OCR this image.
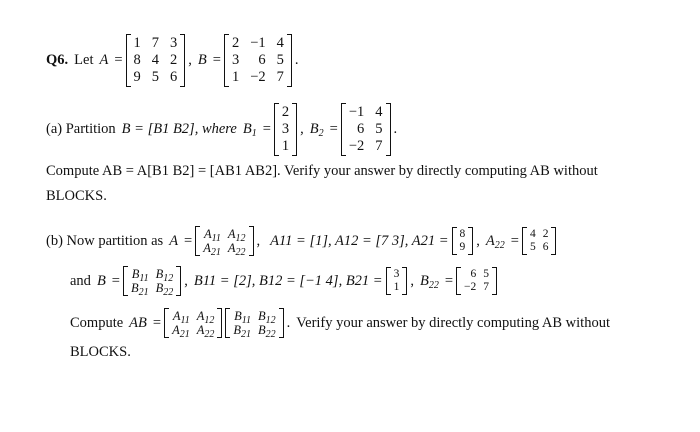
Q6. Let A =
1 7 3
8 4 2
9 5 6
, B =
2 −1 4
3	6 5
1 −2 7
.
(a) Partition B = [B1 B2], where $B_1$ =
2
3
1
, $B_2$ =
−1 4
6 5
−2 7
.
Compute AB = A[B1 B2] = [AB1 AB2]. Verify your answer by directly computing AB without
BLOCKS.
(b) Now partition as $A = A_{11}$ $A_{12}$
$A_{21}$ $A_{22}$
, A11 = [1], A12 = [7 3], A21 = 8
9 , $A_{22} = 4$ 2
5 6
and $B = B_{11}$ $B_{12}$
$B_{21}$ $B_{22}$
, B11 = [2], B12 = [−1 4], B21 = 3
1 , $B_{22}$ =	6 5
−2 7
Compute AB = $A_{11}$ $A_{12}$
$A_{21}$ $A_{22}$
$B_{11}$ $B_{12}$
$B_{21}$ $B_{22}$
. Verify your answer by directly computing AB without
BLOCKS.
